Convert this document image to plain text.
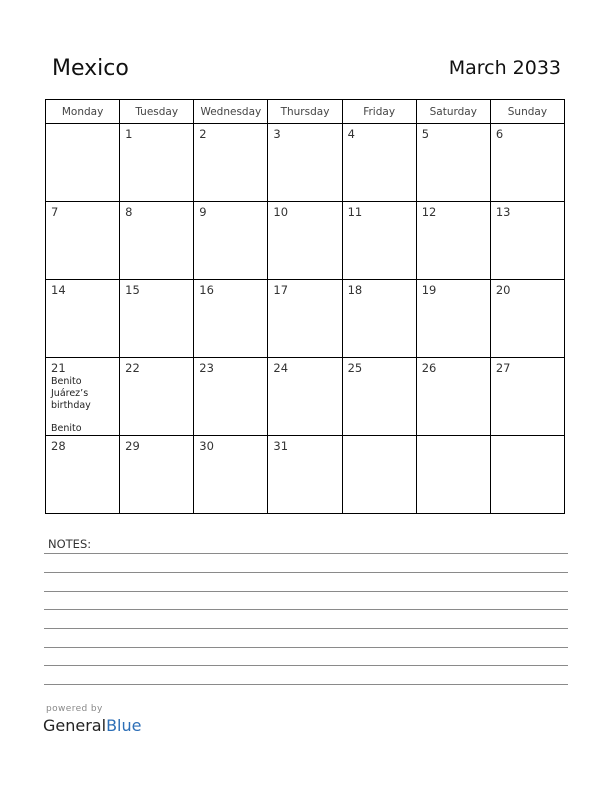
Mexico	March 2033
Monday	Tuesday	Wednesday	Thursday	Friday	Saturday	Sunday

	1	2	3	4	5	6

7	8	9	10	11	12	13

14	15	16	17	18	19	20

21
Benito Juárez’s birthday
Benito	22	23	24	25	26	27

28	29	30	31			

NOTES:
powered by
GeneralBlue
